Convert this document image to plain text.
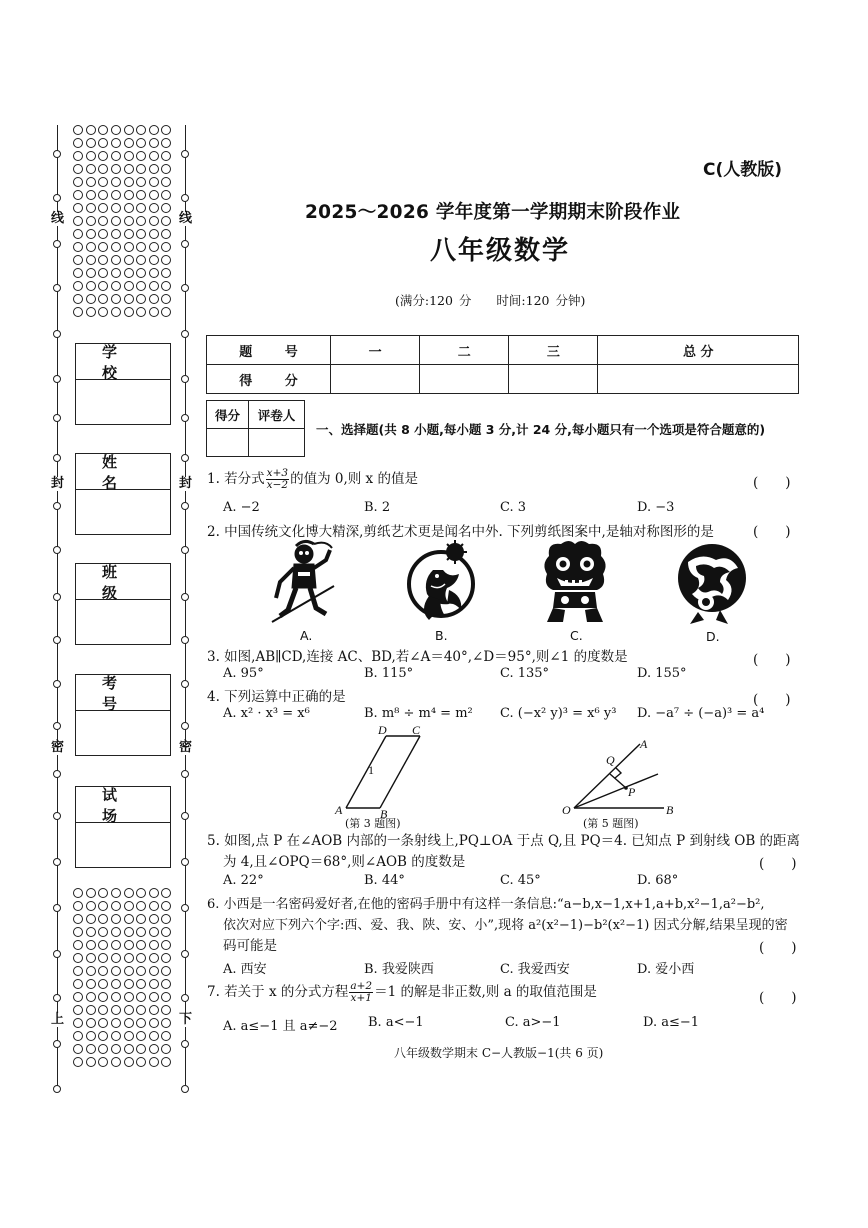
线
封
密
上
线
封
密
下
学 校
姓 名
班 级
考 号
试 场
C(人教版)
2025～2026 学年度第一学期期末阶段作业
八年级数学
(满分:120 分　　时间:120 分钟)
题 号	一	二	三	总 分
得 分				
得分	评卷人

一、选择题(共 8 小题,每小题 3 分,计 24 分,每小题只有一个选项是符合题意的)
1. 若分式 $\frac{x+3}{x-2}$ 的值为 0,则 x 的值是	(　　)
A. −2	B. 2	C. 3	D. −3
2. 中国传统文化博大精深,剪纸艺术更是闻名中外. 下列剪纸图案中,是轴对称图形的是	(　　)
A.	B.	C.	D.
3. 如图,AB∥CD,连接 AC、BD,若∠A＝40°,∠D＝95°,则∠1 的度数是	(　　)
A. 95°	B. 115°	C. 135°	D. 155°
4. 下列运算中正确的是	(　　)
A. x² · x³ = x⁶	B. m⁸ ÷ m⁴ = m² C. (−x² y)³ = x⁶ y³ D. −a⁷ ÷ (−a)³ = a⁴
D C
1
A	B
(第 3 题图)
A
Q
P
O	B
(第 5 题图)
5. 如图,点 P 在∠AOB 内部的一条射线上,PQ⊥OA 于点 Q,且 PQ＝4. 已知点 P 到射线 OB 的距离
为 4,且∠OPQ＝68°,则∠AOB 的度数是	(　　)
A. 22°	B. 44°	C. 45°	D. 68°
6. 小西是一名密码爱好者,在他的密码手册中有这样一条信息:“a−b,x−1,x+1,a+b,x²−1,a²−b²,
依次对应下列六个字:西、爱、我、陕、安、小”,现将 a²(x²−1)−b²(x²−1) 因式分解,结果呈现的密
码可能是	(　　)
A. 西安	B. 我爱陕西	C. 我爱西安	D. 爱小西
7. 若关于 x 的分式方程 $\frac{a+2}{x+1} =1$ 的解是非正数,则 a 的取值范围是	(　　)
A. a≤−1 且 a≠−2 B. a<−1	C. a>−1	D. a≤−1
八年级数学期末 C−人教版−1(共 6 页)
